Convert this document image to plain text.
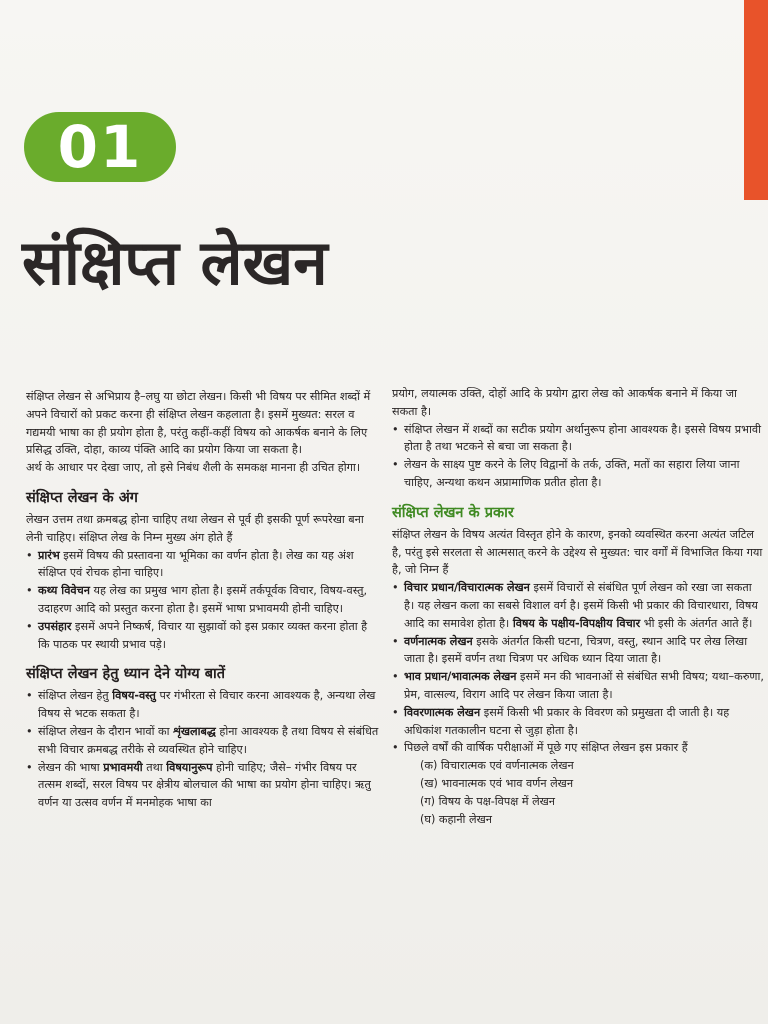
01
संक्षिप्त लेखन

संक्षिप्त लेखन से अभिप्राय है–लघु या छोटा लेखन। किसी भी विषय पर सीमित शब्दों में अपने विचारों को प्रकट करना ही संक्षिप्त लेखन कहलाता है। इसमें मुख्यत: सरल व गद्यमयी भाषा का ही प्रयोग होता है, परंतु कहीं-कहीं विषय को आकर्षक बनाने के लिए प्रसिद्ध उक्ति, दोहा, काव्य पंक्ति आदि का प्रयोग किया जा सकता है।

अर्थ के आधार पर देखा जाए, तो इसे निबंध शैली के समकक्ष मानना ही उचित होगा।

संक्षिप्त लेखन के अंग

लेखन उत्तम तथा क्रमबद्ध होना चाहिए तथा लेखन से पूर्व ही इसकी पूर्ण रूपरेखा बना लेनी चाहिए। संक्षिप्त लेख के निम्न मुख्य अंग होते हैं

• प्रारंभ इसमें विषय की प्रस्तावना या भूमिका का वर्णन होता है। लेख का यह अंश संक्षिप्त एवं रोचक होना चाहिए।
• कथ्य विवेचन यह लेख का प्रमुख भाग होता है। इसमें तर्कपूर्वक विचार, विषय-वस्तु, उदाहरण आदि को प्रस्तुत करना होता है। इसमें भाषा प्रभावमयी होनी चाहिए।
• उपसंहार इसमें अपने निष्कर्ष, विचार या सुझावों को इस प्रकार व्यक्त करना होता है कि पाठक पर स्थायी प्रभाव पड़े।
संक्षिप्त लेखन हेतु ध्यान देने योग्य बातें
• संक्षिप्त लेखन हेतु विषय-वस्तु पर गंभीरता से विचार करना आवश्यक है, अन्यथा लेख विषय से भटक सकता है।
• संक्षिप्त लेखन के दौरान भावों का शृंखलाबद्ध होना आवश्यक है तथा विषय से संबंधित सभी विचार क्रमबद्ध तरीके से व्यवस्थित होने चाहिए।
• लेखन की भाषा प्रभावमयी तथा विषयानुरूप होनी चाहिए; जैसे– गंभीर विषय पर तत्सम शब्दों, सरल विषय पर क्षेत्रीय बोलचाल की भाषा का प्रयोग होना चाहिए। ऋतु वर्णन या उत्सव वर्णन में मनमोहक भाषा का

प्रयोग, लयात्मक उक्ति, दोहों आदि के प्रयोग द्वारा लेख को आकर्षक बनाने में किया जा सकता है।

• संक्षिप्त लेखन में शब्दों का सटीक प्रयोग अर्थानुरूप होना आवश्यक है। इससे विषय प्रभावी होता है तथा भटकने से बचा जा सकता है।
• लेखन के साक्ष्य पुष्ट करने के लिए विद्वानों के तर्क, उक्ति, मतों का सहारा लिया जाना चाहिए, अन्यथा कथन अप्रामाणिक प्रतीत होता है।
संक्षिप्त लेखन के प्रकार

संक्षिप्त लेखन के विषय अत्यंत विस्तृत होने के कारण, इनको व्यवस्थित करना अत्यंत जटिल है, परंतु इसे सरलता से आत्मसात् करने के उद्देश्य से मुख्यत: चार वर्गों में विभाजित किया गया है, जो निम्न हैं

• विचार प्रधान/विचारात्मक लेखन इसमें विचारों से संबंधित पूर्ण लेखन को रखा जा सकता है। यह लेखन कला का सबसे विशाल वर्ग है। इसमें किसी भी प्रकार की विचारधारा, विषय आदि का समावेश होता है। विषय के पक्षीय-विपक्षीय विचार भी इसी के अंतर्गत आते हैं।
• वर्णनात्मक लेखन इसके अंतर्गत किसी घटना, चित्रण, वस्तु, स्थान आदि पर लेख लिखा जाता है। इसमें वर्णन तथा चित्रण पर अधिक ध्यान दिया जाता है।
• भाव प्रधान/भावात्मक लेखन इसमें मन की भावनाओं से संबंधित सभी विषय; यथा–करुणा, प्रेम, वात्सल्य, विराग आदि पर लेखन किया जाता है।
• विवरणात्मक लेखन इसमें किसी भी प्रकार के विवरण को प्रमुखता दी जाती है। यह अधिकांश गतकालीन घटना से जुड़ा होता है।
• पिछले वर्षों की वार्षिक परीक्षाओं में पूछे गए संक्षिप्त लेखन इस प्रकार हैं
(क) विचारात्मक एवं वर्णनात्मक लेखन
(ख) भावनात्मक एवं भाव वर्णन लेखन
(ग) विषय के पक्ष-विपक्ष में लेखन
(घ) कहानी लेखन
